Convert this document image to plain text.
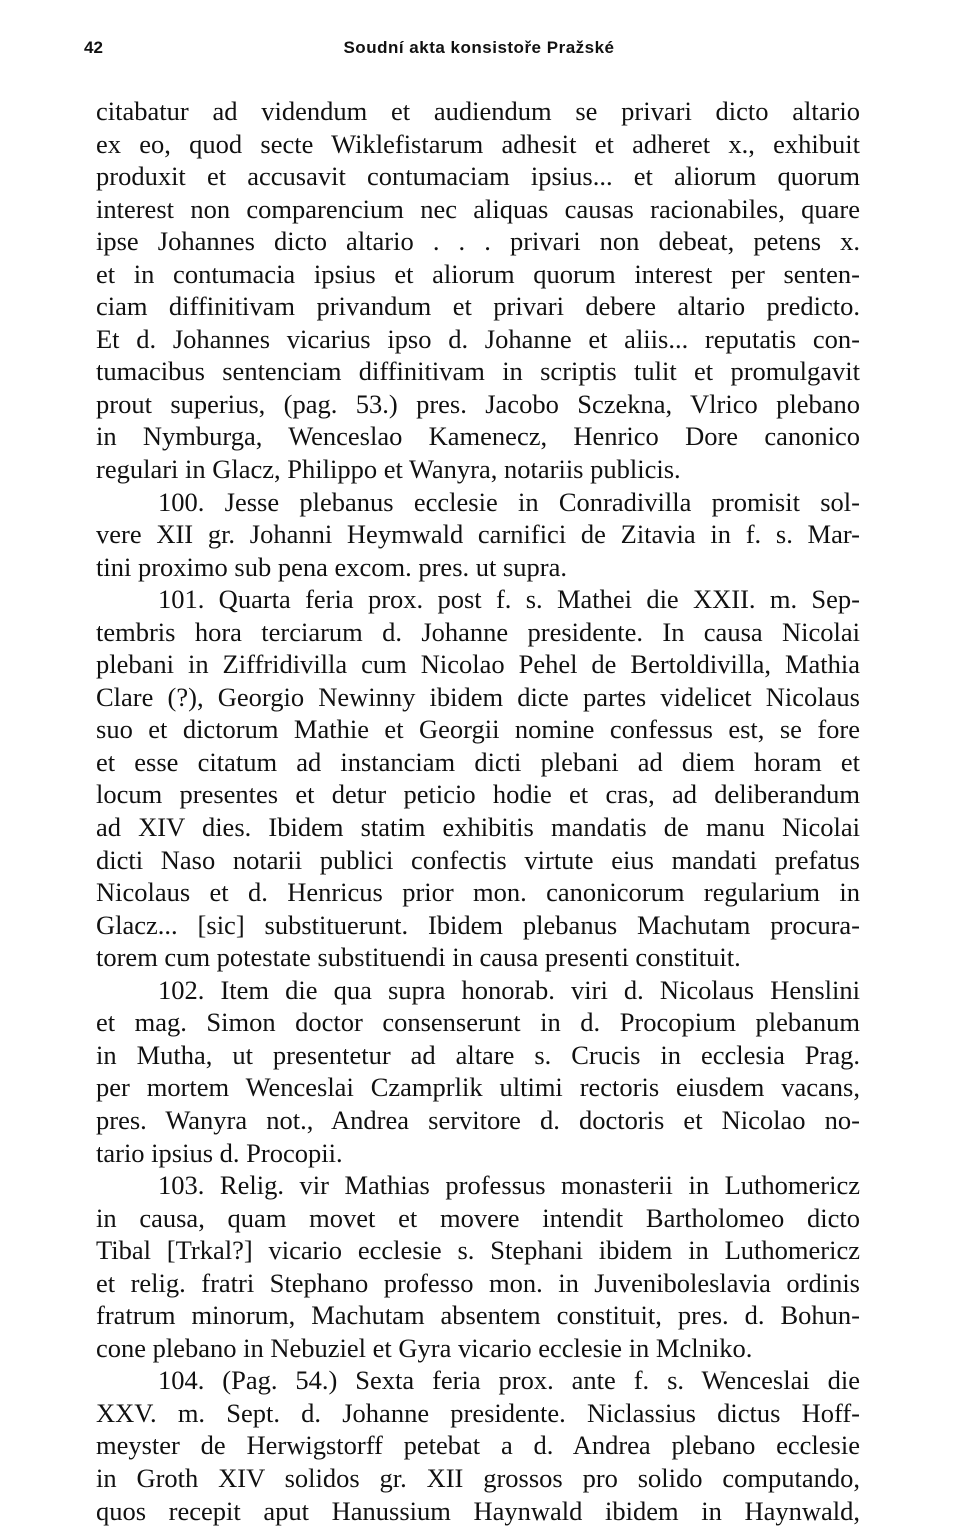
42	Soudní akta konsistoře Pražské
citabatur ad videndum et audiendum se privari dicto altario
ex eo, quod secte Wiklefistarum adhesit et adheret x., exhibuit
produxit et accusavit contumaciam ipsius... et aliorum quorum
interest non comparencium nec aliquas causas racionabiles, quare
ipse Johannes dicto altario . . . privari non debeat, petens x.
et in contumacia ipsius et aliorum quorum interest per senten-
ciam diffinitivam privandum et privari debere altario predicto.
Et d. Johannes vicarius ipso d. Johanne et aliis... reputatis con-
tumacibus sentenciam diffinitivam in scriptis tulit et promulgavit
prout superius, (pag. 53.) pres. Jacobo Sczekna, Vlrico plebano
in Nymburga, Wenceslao Kamenecz, Henrico Dore canonico
regulari in Glacz, Philippo et Wanyra, notariis publicis.
100. Jesse plebanus ecclesie in Conradivilla promisit sol-
vere XII gr. Johanni Heymwald carnifici de Zitavia in f. s. Mar-
tini proximo sub pena excom. pres. ut supra.
101. Quarta feria prox. post f. s. Mathei die XXII. m. Sep-
tembris hora terciarum d. Johanne presidente. In causa Nicolai
plebani in Ziffridivilla cum Nicolao Pehel de Bertoldivilla, Mathia
Clare (?), Georgio Newinny ibidem dicte partes videlicet Nicolaus
suo et dictorum Mathie et Georgii nomine confessus est, se fore
et esse citatum ad instanciam dicti plebani ad diem horam et
locum presentes et detur peticio hodie et cras, ad deliberandum
ad XIV dies. Ibidem statim exhibitis mandatis de manu Nicolai
dicti Naso notarii publici confectis virtute eius mandati prefatus
Nicolaus et d. Henricus prior mon. canonicorum regularium in
Glacz... [sic] substituerunt. Ibidem plebanus Machutam procura-
torem cum potestate substituendi in causa presenti constituit.
102. Item die qua supra honorab. viri d. Nicolaus Henslini
et mag. Simon doctor consenserunt in d. Procopium plebanum
in Mutha, ut presentetur ad altare s. Crucis in ecclesia Prag.
per mortem Wenceslai Czamprlik ultimi rectoris eiusdem vacans,
pres. Wanyra not., Andrea servitore d. doctoris et Nicolao no-
tario ipsius d. Procopii.
103. Relig. vir Mathias professus monasterii in Luthomericz
in causa, quam movet et movere intendit Bartholomeo dicto
Tibal [Trkal?] vicario ecclesie s. Stephani ibidem in Luthomericz
et relig. fratri Stephano professo mon. in Juveniboleslavia ordinis
fratrum minorum, Machutam absentem constituit, pres. d. Bohun-
cone plebano in Nebuziel et Gyra vicario ecclesie in Mclniko.
104. (Pag. 54.) Sexta feria prox. ante f. s. Wenceslai die
XXV. m. Sept. d. Johanne presidente. Niclassius dictus Hoff-
meyster de Herwigstorff petebat a d. Andrea plebano ecclesie
in Groth XIV solidos gr. XII grossos pro solido computando,
quos recepit aput Hanussium Haynwald ibidem in Haynwald,
